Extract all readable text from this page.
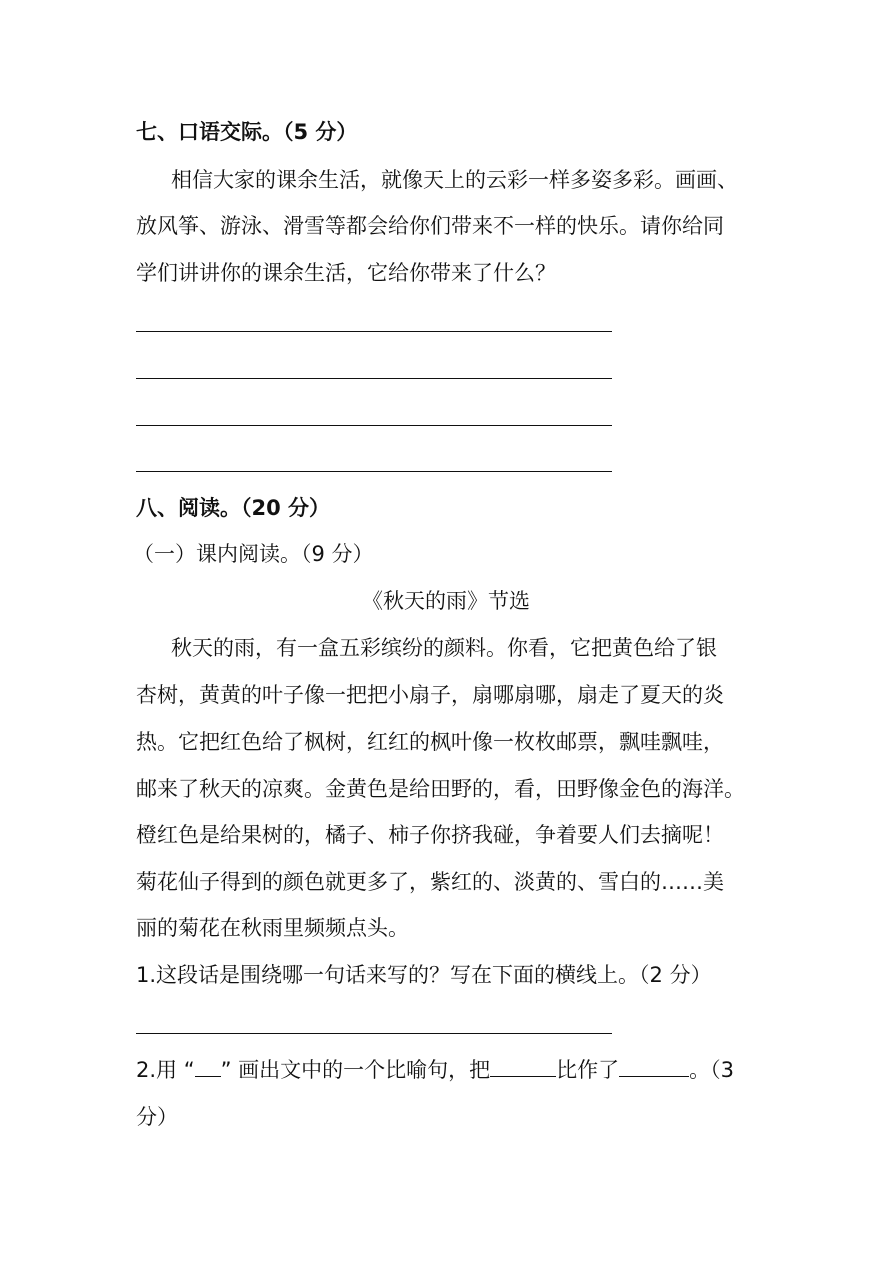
七、口语交际。（5 分）
相信大家的课余生活，就像天上的云彩一样多姿多彩。画画、
放风筝、游泳、滑雪等都会给你们带来不一样的快乐。请你给同
学们讲讲你的课余生活，它给你带来了什么？
八、阅读。（20 分）
（一）课内阅读。（9 分）
《秋天的雨》节选
秋天的雨，有一盒五彩缤纷的颜料。你看，它把黄色给了银
杏树，黄黄的叶子像一把把小扇子，扇哪扇哪，扇走了夏天的炎
热。它把红色给了枫树，红红的枫叶像一枚枚邮票，飘哇飘哇，
邮来了秋天的凉爽。金黄色是给田野的，看，田野像金色的海洋。
橙红色是给果树的，橘子、柿子你挤我碰，争着要人们去摘呢！
菊花仙子得到的颜色就更多了，紫红的、淡黄的、雪白的……美
丽的菊花在秋雨里频频点头。
1.这段话是围绕哪一句话来写的？写在下面的横线上。（2 分）
2.用 “ ” 画出文中的一个比喻句，把	比作了	。（3
分）
